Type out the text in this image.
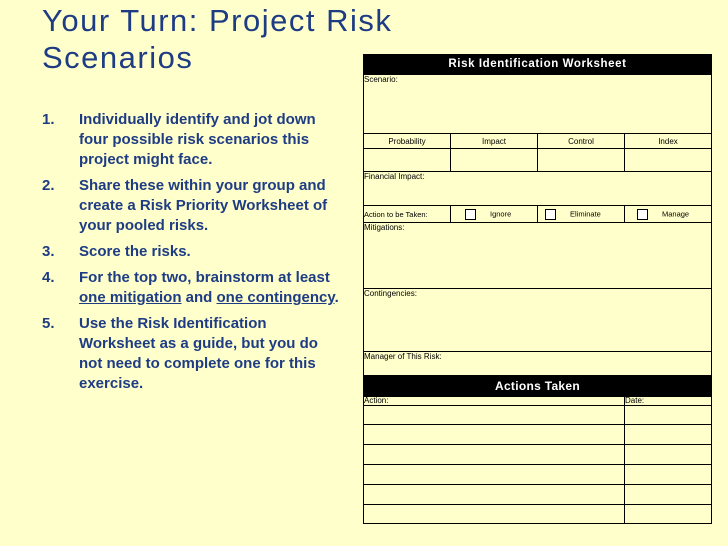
Your Turn: Project Risk
Scenarios
1. Individually identify and jot down four possible risk scenarios this project might face.
2. Share these within your group and create a Risk Priority Worksheet of your pooled risks.
3. Score the risks.
4. For the top two, brainstorm at least one mitigation and one contingency.
5. Use the Risk Identification Worksheet as a guide, but you do not need to complete one for this exercise.
Risk Identification Worksheet
Scenario:			
Probability	Impact	Control	Index

Financial Impact:			
Action to be Taken:	Ignore	Eliminate	Manage
Mitigations:			
Contingencies:			
Manager of This Risk:			
Actions Taken
Action:	Date:
